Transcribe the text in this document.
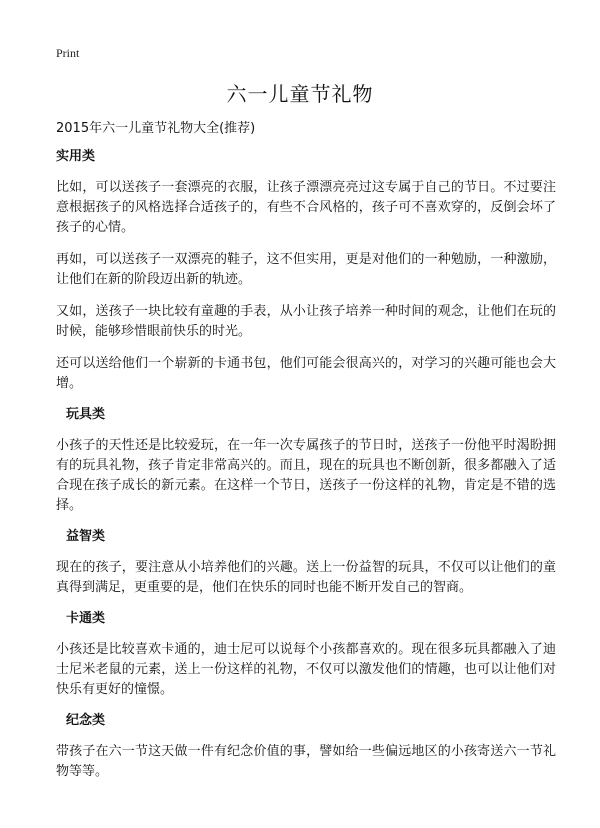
Print
六一儿童节礼物

2015年六一儿童节礼物大全(推荐)

实用类

比如，可以送孩子一套漂亮的衣服，让孩子漂漂亮亮过这专属于自己的节日。不过要注意根据孩子的风格选择合适孩子的，有些不合风格的，孩子可不喜欢穿的，反倒会坏了孩子的心情。

再如，可以送孩子一双漂亮的鞋子，这不但实用，更是对他们的一种勉励，一种激励，让他们在新的阶段迈出新的轨迹。

又如，送孩子一块比较有童趣的手表，从小让孩子培养一种时间的观念，让他们在玩的时候，能够珍惜眼前快乐的时光。

还可以送给他们一个崭新的卡通书包，他们可能会很高兴的，对学习的兴趣可能也会大增。

玩具类

小孩子的天性还是比较爱玩，在一年一次专属孩子的节日时，送孩子一份他平时渴盼拥有的玩具礼物，孩子肯定非常高兴的。而且，现在的玩具也不断创新，很多都融入了适合现在孩子成长的新元素。在这样一个节日，送孩子一份这样的礼物，肯定是不错的选择。

益智类

现在的孩子，要注意从小培养他们的兴趣。送上一份益智的玩具，不仅可以让他们的童真得到满足，更重要的是，他们在快乐的同时也能不断开发自己的智商。

卡通类

小孩还是比较喜欢卡通的，迪士尼可以说每个小孩都喜欢的。现在很多玩具都融入了迪士尼米老鼠的元素，送上一份这样的礼物，不仅可以激发他们的情趣，也可以让他们对快乐有更好的憧憬。

纪念类

带孩子在六一节这天做一件有纪念价值的事，譬如给一些偏远地区的小孩寄送六一节礼物等等。
